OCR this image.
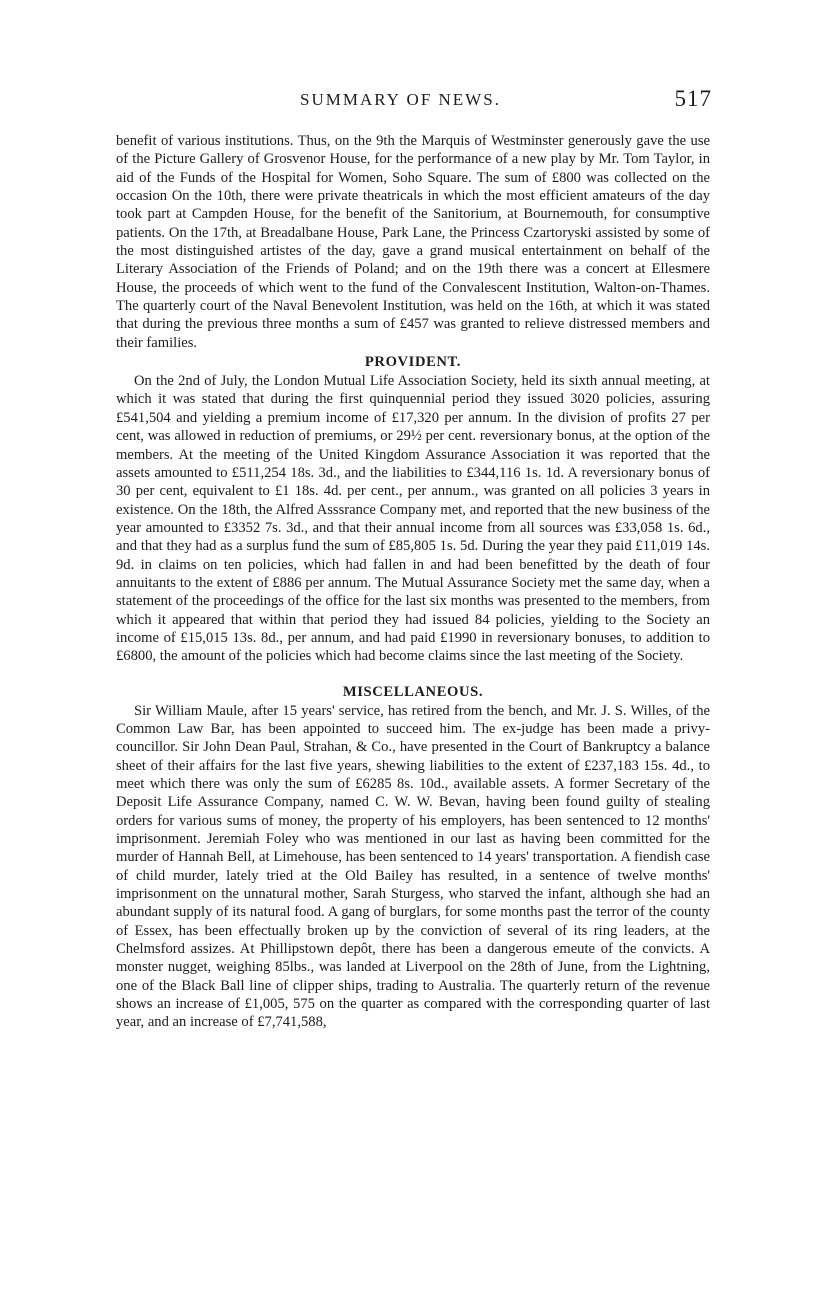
SUMMARY OF NEWS.	517

benefit of various institutions. Thus, on the 9th the Marquis of Westminster generously gave the use of the Picture Gallery of Grosvenor House, for the performance of a new play by Mr. Tom Taylor, in aid of the Funds of the Hospital for Women, Soho Square. The sum of £800 was collected on the occasion On the 10th, there were private theatricals in which the most efficient amateurs of the day took part at Campden House, for the benefit of the Sanitorium, at Bournemouth, for consumptive patients. On the 17th, at Breadalbane House, Park Lane, the Princess Czartoryski assisted by some of the most distinguished artistes of the day, gave a grand musical entertainment on behalf of the Literary Association of the Friends of Poland; and on the 19th there was a concert at Ellesmere House, the proceeds of which went to the fund of the Convalescent Institution, Walton-on-Thames. The quarterly court of the Naval Benevolent Institution, was held on the 16th, at which it was stated that during the previous three months a sum of £457 was granted to relieve distressed members and their families.

PROVIDENT.

On the 2nd of July, the London Mutual Life Association Society, held its sixth annual meeting, at which it was stated that during the first quinquennial period they issued 3020 policies, assuring £541,504 and yielding a premium income of £17,320 per annum. In the division of profits 27 per cent, was allowed in reduction of premiums, or 29½ per cent. reversionary bonus, at the option of the members. At the meeting of the United Kingdom Assurance Association it was reported that the assets amounted to £511,254 18s. 3d., and the liabilities to £344,116 1s. 1d. A reversionary bonus of 30 per cent, equivalent to £1 18s. 4d. per cent., per annum., was granted on all policies 3 years in existence. On the 18th, the Alfred Asssrance Company met, and reported that the new business of the year amounted to £3352 7s. 3d., and that their annual income from all sources was £33,058 1s. 6d., and that they had as a surplus fund the sum of £85,805 1s. 5d. During the year they paid £11,019 14s. 9d. in claims on ten policies, which had fallen in and had been benefitted by the death of four annuitants to the extent of £886 per annum. The Mutual Assurance Society met the same day, when a statement of the proceedings of the office for the last six months was presented to the members, from which it appeared that within that period they had issued 84 policies, yielding to the Society an income of £15,015 13s. 8d., per annum, and had paid £1990 in reversionary bonuses, to addition to £6800, the amount of the policies which had become claims since the last meeting of the Society.

MISCELLANEOUS.

Sir William Maule, after 15 years' service, has retired from the bench, and Mr. J. S. Willes, of the Common Law Bar, has been appointed to succeed him. The ex-judge has been made a privy-councillor. Sir John Dean Paul, Strahan, & Co., have presented in the Court of Bankruptcy a balance sheet of their affairs for the last five years, shewing liabilities to the extent of £237,183 15s. 4d., to meet which there was only the sum of £6285 8s. 10d., available assets. A former Secretary of the Deposit Life Assurance Company, named C. W. W. Bevan, having been found guilty of stealing orders for various sums of money, the property of his employers, has been sentenced to 12 months' imprisonment. Jeremiah Foley who was mentioned in our last as having been committed for the murder of Hannah Bell, at Limehouse, has been sentenced to 14 years' transportation. A fiendish case of child murder, lately tried at the Old Bailey has resulted, in a sentence of twelve months' imprisonment on the unnatural mother, Sarah Sturgess, who starved the infant, although she had an abundant supply of its natural food. A gang of burglars, for some months past the terror of the county of Essex, has been effectually broken up by the conviction of several of its ring leaders, at the Chelmsford assizes. At Phillipstown depôt, there has been a dangerous emeute of the convicts. A monster nugget, weighing 85lbs., was landed at Liverpool on the 28th of June, from the Lightning, one of the Black Ball line of clipper ships, trading to Australia. The quarterly return of the revenue shows an increase of £1,005, 575 on the quarter as compared with the corresponding quarter of last year, and an increase of £7,741,588,
